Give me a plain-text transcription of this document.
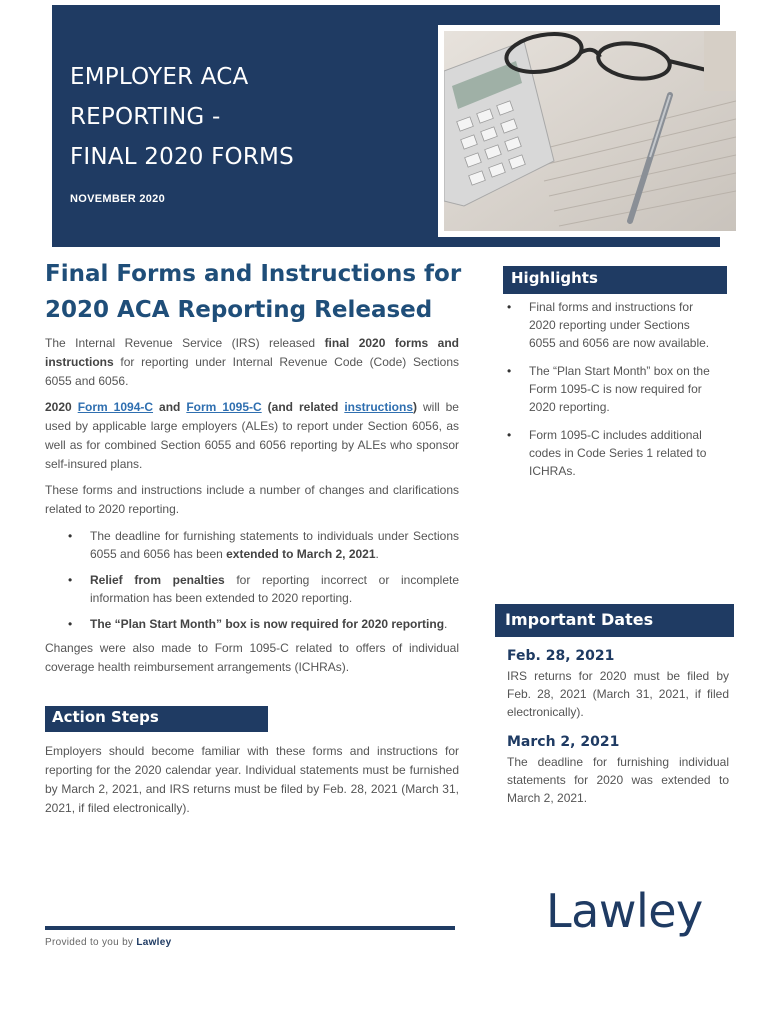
EMPLOYER ACA
REPORTING -
FINAL 2020 FORMS
NOVEMBER 2020
Final Forms and Instructions for
2020 ACA Reporting Released

The Internal Revenue Service (IRS) released final 2020 forms and instructions for reporting under Internal Revenue Code (Code) Sections 6055 and 6056.

2020 Form 1094-C and Form 1095-C (and related instructions) will be used by applicable large employers (ALEs) to report under Section 6056, as well as for combined Section 6055 and 6056 reporting by ALEs who sponsor self-insured plans.

These forms and instructions include a number of changes and clarifications related to 2020 reporting.

• The deadline for furnishing statements to individuals under Sections 6055 and 6056 has been extended to March 2, 2021.
• Relief from penalties for reporting incorrect or incomplete information has been extended to 2020 reporting.
• The “Plan Start Month” box is now required for 2020 reporting.

Changes were also made to Form 1095-C related to offers of individual coverage health reimbursement arrangements (ICHRAs).

Action Steps

Employers should become familiar with these forms and instructions for reporting for the 2020 calendar year. Individual statements must be furnished by March 2, 2021, and IRS returns must be filed by Feb. 28, 2021 (March 31, 2021, if filed electronically).

Highlights
• Final forms and instructions for 2020 reporting under Sections 6055 and 6056 are now available.
• The “Plan Start Month” box on the Form 1095-C is now required for 2020 reporting.
• Form 1095-C includes additional codes in Code Series 1 related to ICHRAs.
Important Dates

Feb. 28, 2021

IRS returns for 2020 must be filed by Feb. 28, 2021 (March 31, 2021, if filed electronically).

March 2, 2021

The deadline for furnishing individual statements for 2020 was extended to March 2, 2021.

Provided to you by Lawley
Lawley
